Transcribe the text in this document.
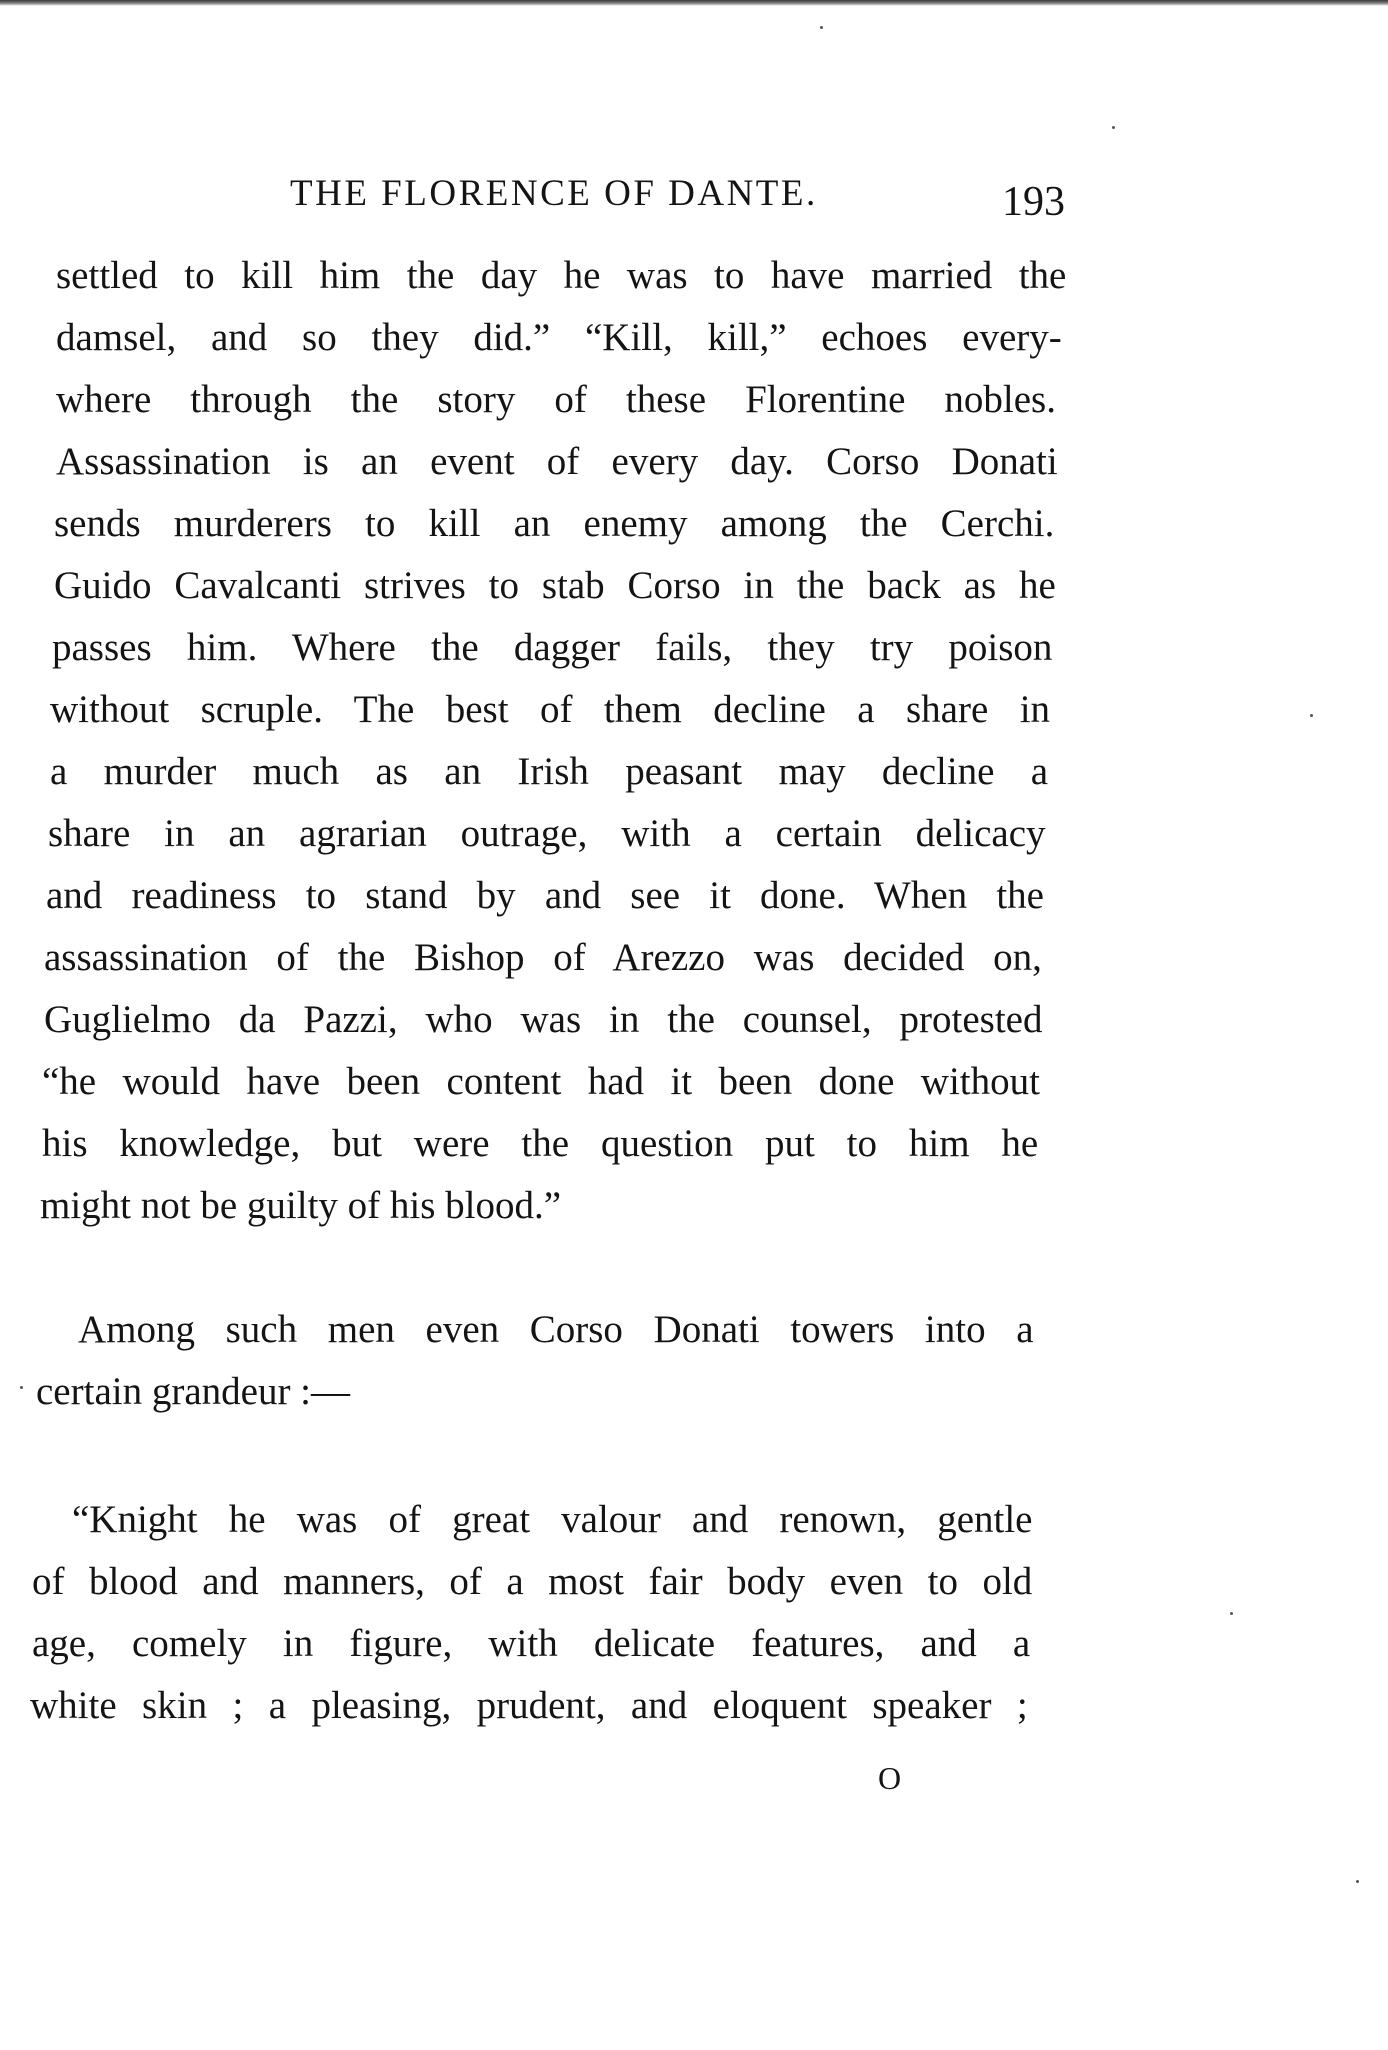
THE FLORENCE OF DANTE.	193
settled to kill him the day he was to have married the
damsel, and so they did.” “Kill, kill,” echoes every-
where through the story of these Florentine nobles.
Assassination is an event of every day. Corso Donati
sends murderers to kill an enemy among the Cerchi.
Guido Cavalcanti strives to stab Corso in the back as he
passes him. Where the dagger fails, they try poison
without scruple. The best of them decline a share in
a murder much as an Irish peasant may decline a
share in an agrarian outrage, with a certain delicacy
and readiness to stand by and see it done. When the
assassination of the Bishop of Arezzo was decided on,
Guglielmo da Pazzi, who was in the counsel, protested
“he would have been content had it been done without
his knowledge, but were the question put to him he
might not be guilty of his blood.”
Among such men even Corso Donati towers into a
certain grandeur :—
“Knight he was of great valour and renown, gentle
of blood and manners, of a most fair body even to old
age, comely in figure, with delicate features, and a
white skin ; a pleasing, prudent, and eloquent speaker ;
O
